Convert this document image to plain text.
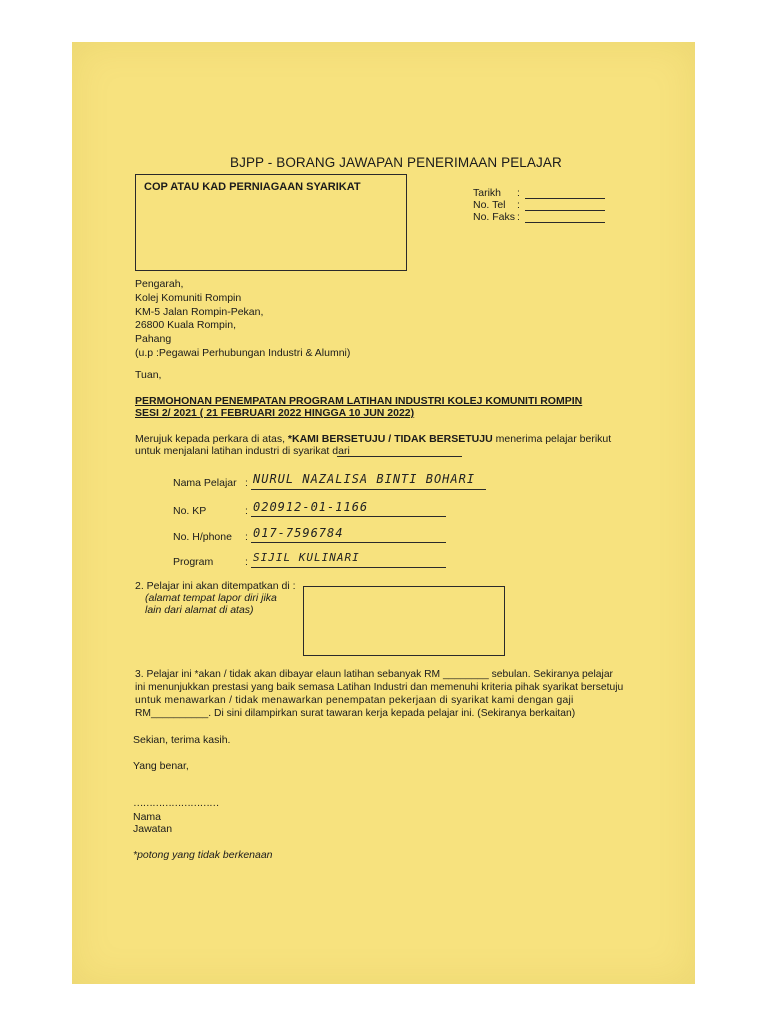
BJPP - BORANG JAWAPAN PENERIMAAN PELAJAR
COP ATAU KAD PERNIAGAAN SYARIKAT	Tarikh :
No. Tel :
No. Faks :
Pengarah,
Kolej Komuniti Rompin
KM-5 Jalan Rompin-Pekan,
26800 Kuala Rompin,
Pahang
(u.p :Pegawai Perhubungan Industri & Alumni)
Tuan,
PERMOHONAN PENEMPATAN PROGRAM LATIHAN INDUSTRI KOLEJ KOMUNITI ROMPIN
SESI 2/ 2021 ( 21 FEBRUARI 2022 HINGGA 10 JUN 2022)
Merujuk kepada perkara di atas, *KAMI BERSETUJU / TIDAK BERSETUJU menerima pelajar berikut
untuk menjalani latihan industri di syarikat dari
Nama Pelajar : NURUL NAZALISA BINTI BOHARI
No. KP	: 020912-01-1166
No. H/phone : 017-7596784
Program	: SIJIL KULINARI
2. Pelajar ini akan ditempatkan di :
(alamat tempat lapor diri jika
lain dari alamat di atas)
3. Pelajar ini *akan / tidak akan dibayar elaun latihan sebanyak RM ________ sebulan. Sekiranya pelajar
ini menunjukkan prestasi yang baik semasa Latihan Industri dan memenuhi kriteria pihak syarikat bersetuju
untuk menawarkan / tidak menawarkan penempatan pekerjaan di syarikat kami dengan gaji
RM__________. Di sini dilampirkan surat tawaran kerja kepada pelajar ini. (Sekiranya berkaitan)
Sekian, terima kasih.
Yang benar,
………………………
Nama
Jawatan
*potong yang tidak berkenaan
